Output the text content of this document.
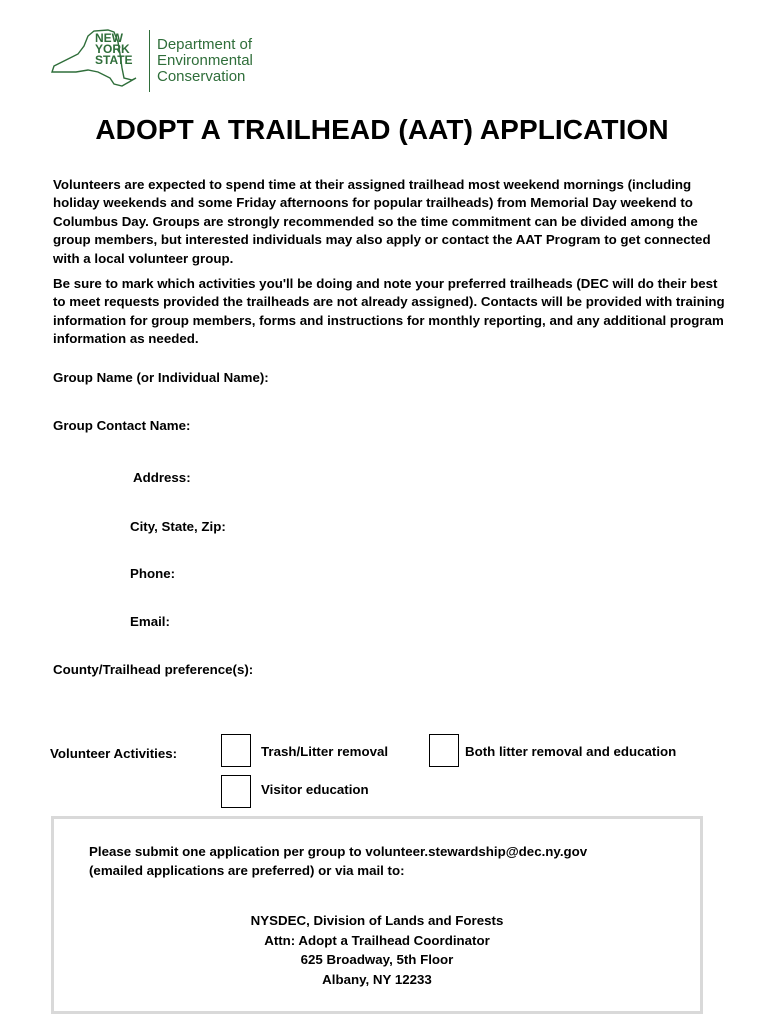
NEW
YORK
STATE
Department of
Environmental
Conservation
ADOPT A TRAILHEAD (AAT) APPLICATION
Volunteers are expected to spend time at their assigned trailhead most weekend mornings (including holiday weekends and some Friday afternoons for popular trailheads) from Memorial Day weekend to Columbus Day. Groups are strongly recommended so the time commitment can be divided among the group members, but interested individuals may also apply or contact the AAT Program to get connected with a local volunteer group.
Be sure to mark which activities you'll be doing and note your preferred trailheads (DEC will do their best to meet requests provided the trailheads are not already assigned). Contacts will be provided with training information for group members, forms and instructions for monthly reporting, and any additional program information as needed.
Group Name (or Individual Name):
Group Contact Name:
Address:
City, State, Zip:
Phone:
Email:
County/Trailhead preference(s):
Volunteer Activities:	Trash/Litter removal	Both litter removal and education
Visitor education
Please submit one application per group to volunteer.stewardship@dec.ny.gov
(emailed applications are preferred) or via mail to:
NYSDEC, Division of Lands and Forests
Attn: Adopt a Trailhead Coordinator
625 Broadway, 5th Floor
Albany, NY 12233
